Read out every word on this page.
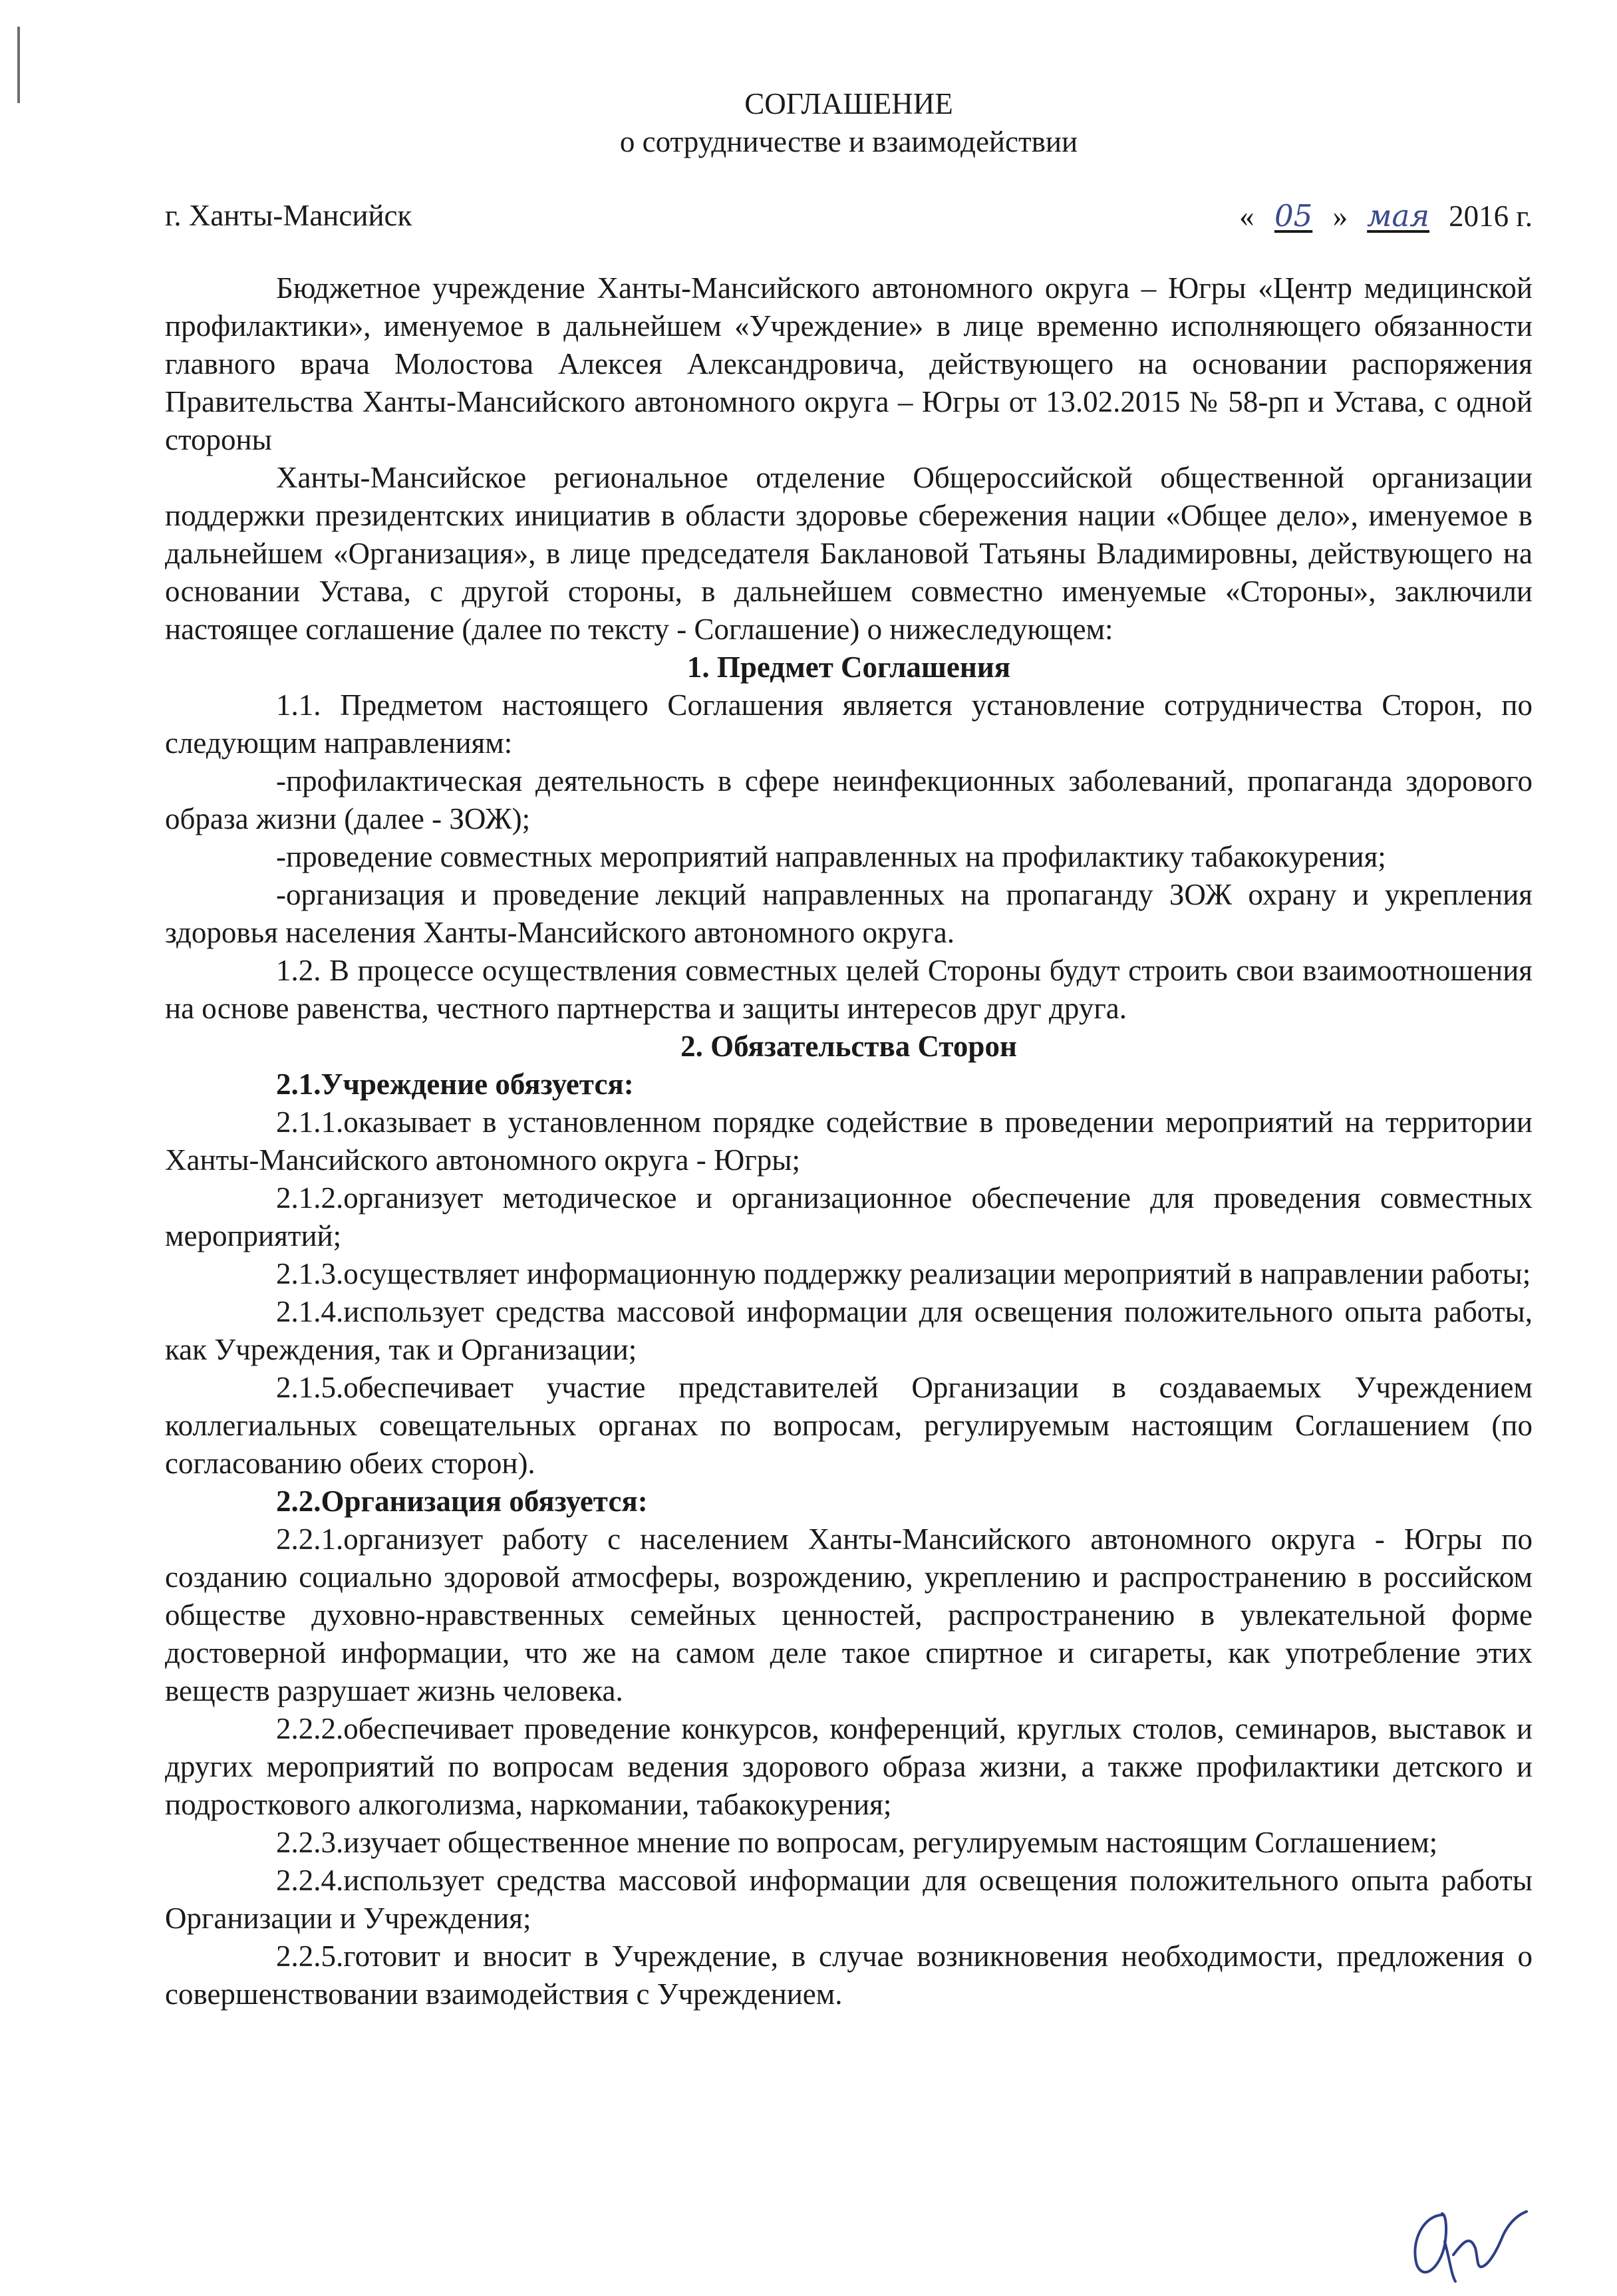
СОГЛАШЕНИЕ
о сотрудничестве и взаимодействии
г. Ханты-Мансийск	« 05 » мая 2016 г.

Бюджетное учреждение Ханты-Мансийского автономного округа – Югры «Центр медицинской профилактики», именуемое в дальнейшем «Учреждение» в лице временно исполняющего обязанности главного врача Молостова Алексея Александровича, действующего на основании распоряжения Правительства Ханты-Мансийского автономного округа – Югры от 13.02.2015 № 58-рп и Устава, с одной стороны

Ханты-Мансийское региональное отделение Общероссийской общественной организации поддержки президентских инициатив в области здоровье сбережения нации «Общее дело», именуемое в дальнейшем «Организация», в лице председателя Баклановой Татьяны Владимировны, действующего на основании Устава, с другой стороны, в дальнейшем совместно именуемые «Стороны», заключили настоящее соглашение (далее по тексту - Соглашение) о нижеследующем:

1. Предмет Соглашения

1.1. Предметом настоящего Соглашения является установление сотрудничества Сторон, по следующим направлениям:

-профилактическая деятельность в сфере неинфекционных заболеваний, пропаганда здорового образа жизни (далее - ЗОЖ);

-проведение совместных мероприятий направленных на профилактику табакокурения;

-организация и проведение лекций направленных на пропаганду ЗОЖ охрану и укрепления здоровья населения Ханты-Мансийского автономного округа.

1.2. В процессе осуществления совместных целей Стороны будут строить свои взаимоотношения на основе равенства, честного партнерства и защиты интересов друг друга.

2. Обязательства Сторон

2.1.Учреждение обязуется:

2.1.1.оказывает в установленном порядке содействие в проведении мероприятий на территории Ханты-Мансийского автономного округа - Югры;

2.1.2.организует методическое и организационное обеспечение для проведения совместных мероприятий;

2.1.3.осуществляет информационную поддержку реализации мероприятий в направлении работы;

2.1.4.использует средства массовой информации для освещения положительного опыта работы, как Учреждения, так и Организации;

2.1.5.обеспечивает участие представителей Организации в создаваемых Учреждением коллегиальных совещательных органах по вопросам, регулируемым настоящим Соглашением (по согласованию обеих сторон).

2.2.Организация обязуется:

2.2.1.организует работу с населением Ханты-Мансийского автономного округа - Югры по созданию социально здоровой атмосферы, возрождению, укреплению и распространению в российском обществе духовно-нравственных семейных ценностей, распространению в увлекательной форме достоверной информации, что же на самом деле такое спиртное и сигареты, как употребление этих веществ разрушает жизнь человека.

2.2.2.обеспечивает проведение конкурсов, конференций, круглых столов, семинаров, выставок и других мероприятий по вопросам ведения здорового образа жизни, а также профилактики детского и подросткового алкоголизма, наркомании, табакокурения;

2.2.3.изучает общественное мнение по вопросам, регулируемым настоящим Соглашением;

2.2.4.использует средства массовой информации для освещения положительного опыта работы Организации и Учреждения;

2.2.5.готовит и вносит в Учреждение, в случае возникновения необходимости, предложения о совершенствовании взаимодействия с Учреждением.
